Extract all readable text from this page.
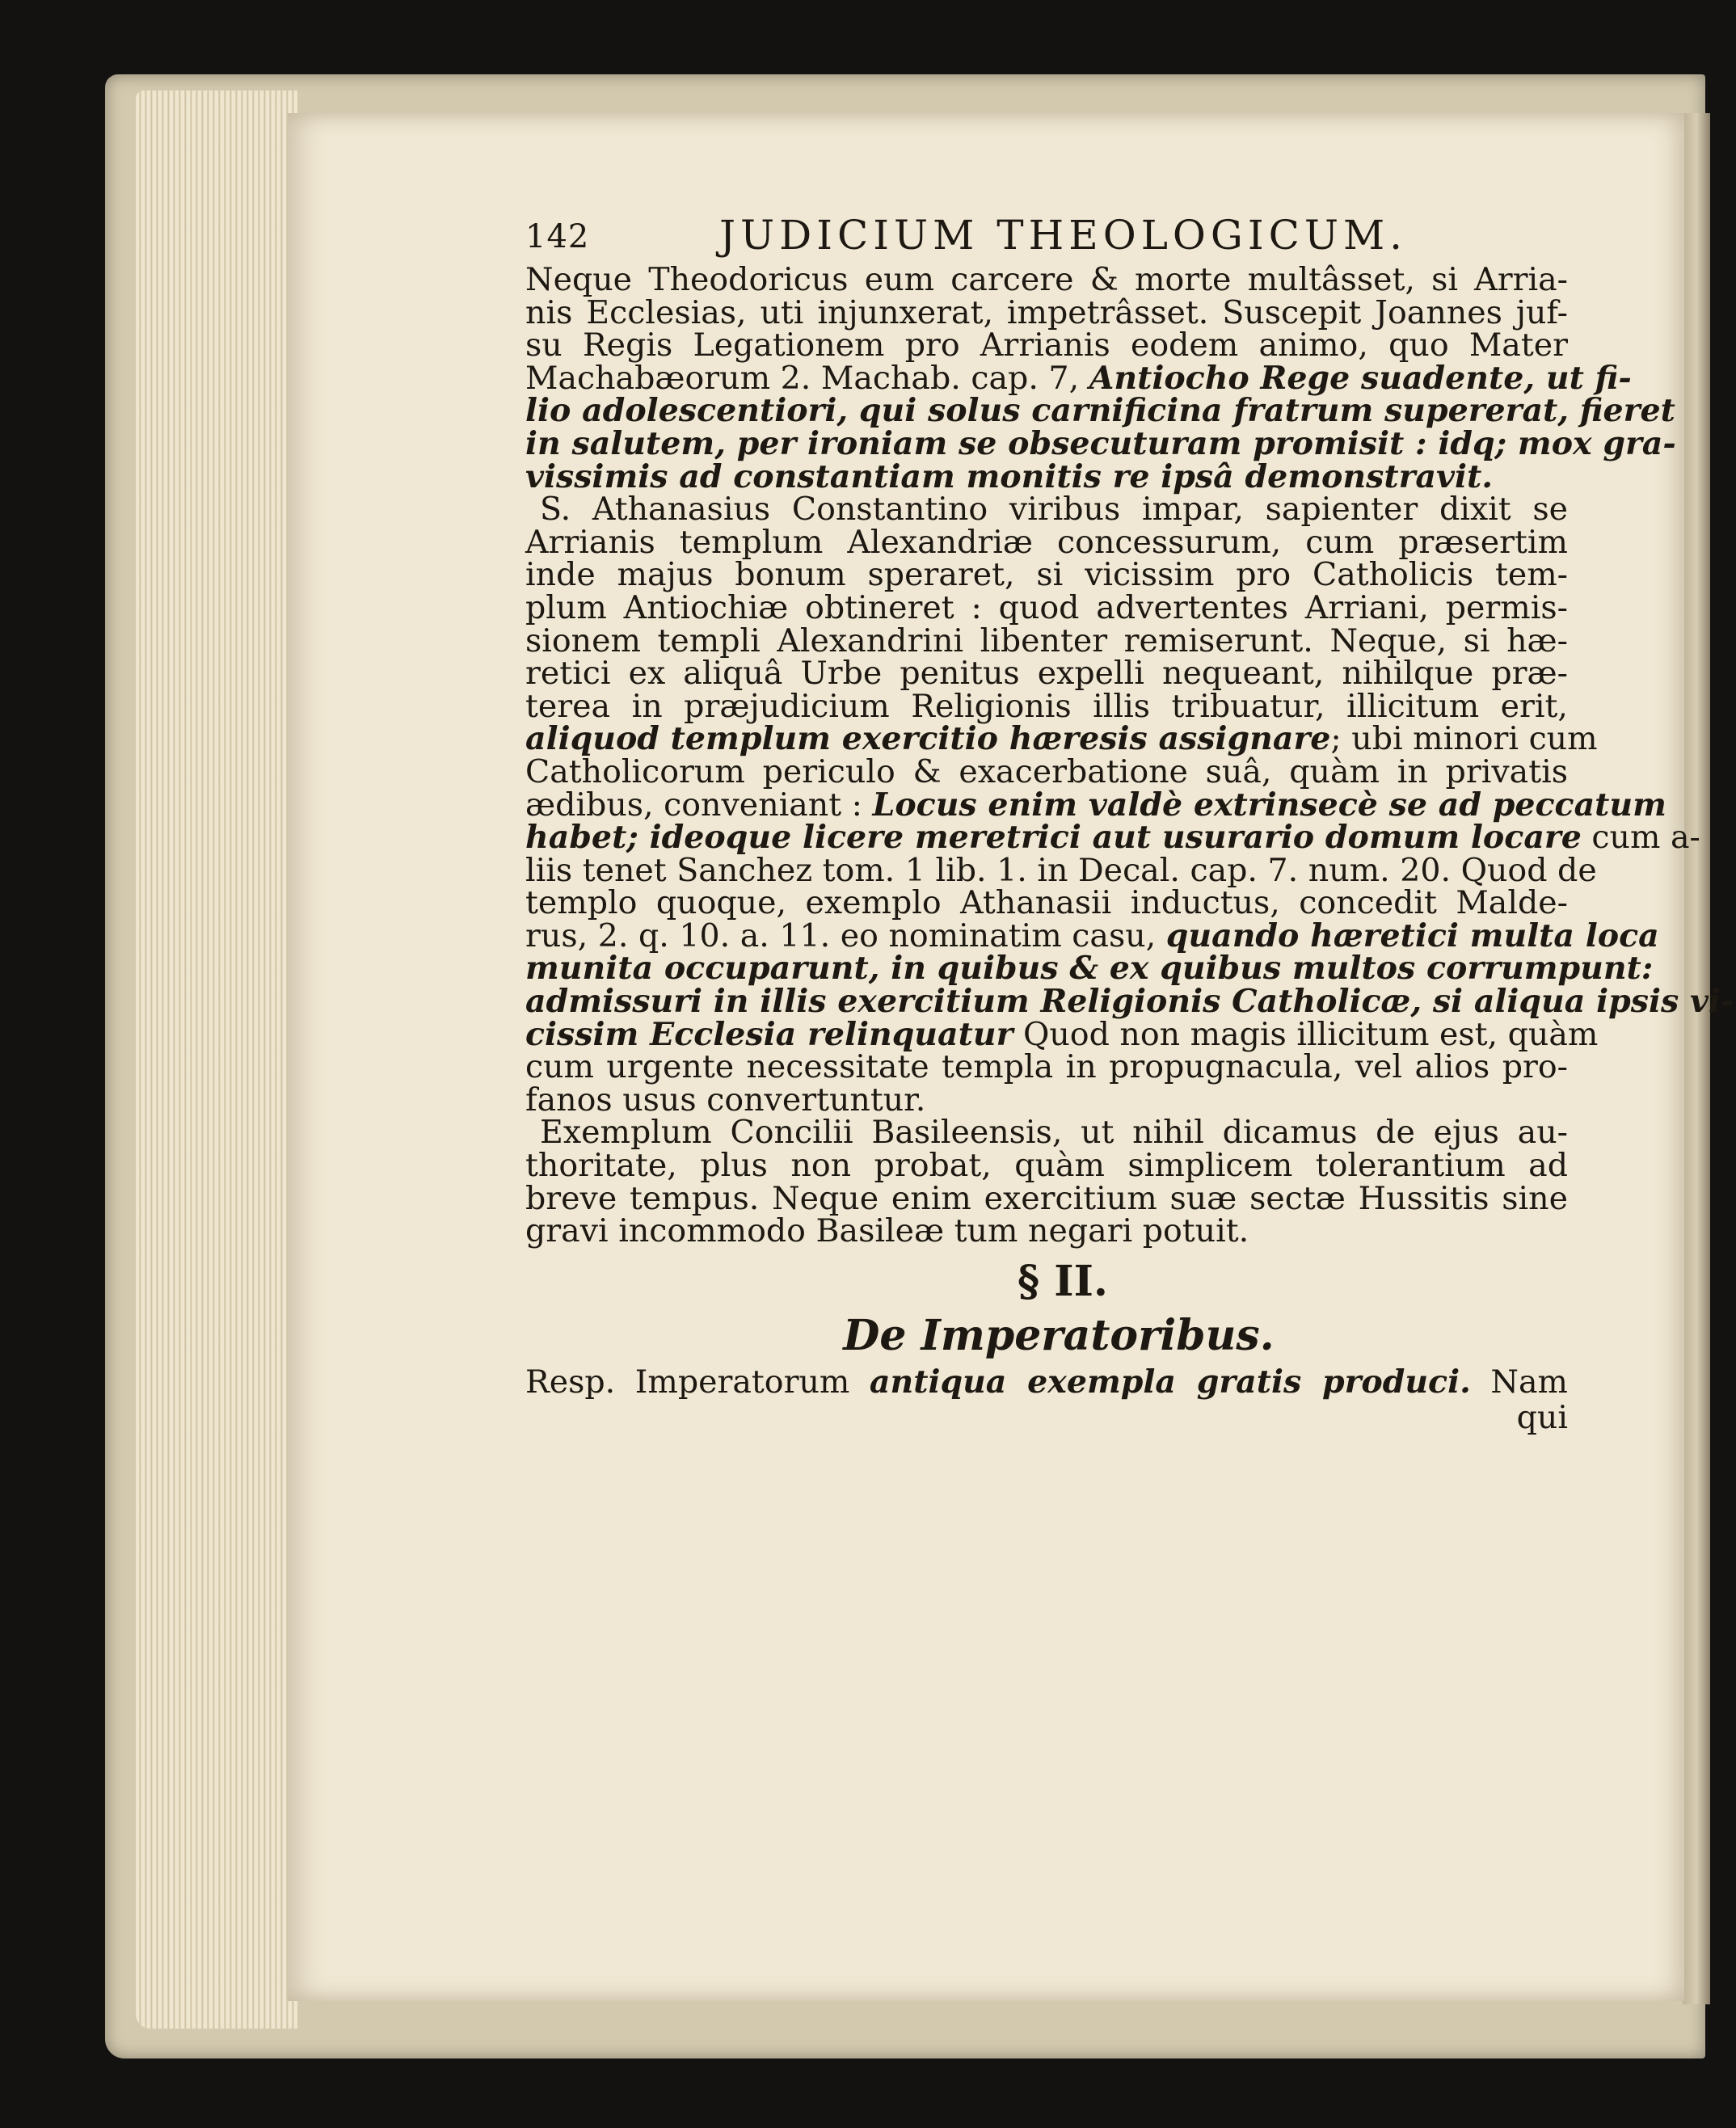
142	JUDICIUM THEOLOGICUM.
Neque Theodoricus eum carcere & morte multâsset, si Arria-
nis Ecclesias, uti injunxerat, impetrâsset. Suscepit Joannes juf-
su Regis Legationem pro Arrianis eodem animo, quo Mater
Machabæorum 2. Machab. cap. 7, Antiocho Rege suadente, ut fi-
lio adolescentiori, qui solus carnificina fratrum supererat, fieret
in salutem, per ironiam se obsecuturam promisit : idq; mox gra-
vissimis ad constantiam monitis re ipsâ demonstravit.
S. Athanasius Constantino viribus impar, sapienter dixit se
Arrianis templum Alexandriæ concessurum, cum præsertim
inde majus bonum speraret, si vicissim pro Catholicis tem-
plum Antiochiæ obtineret : quod advertentes Arriani, permis-
sionem templi Alexandrini libenter remiserunt. Neque, si hæ-
retici ex aliquâ Urbe penitus expelli nequeant, nihilque præ-
terea in præjudicium Religionis illis tribuatur, illicitum erit,
aliquod templum exercitio hæresis assignare; ubi minori cum
Catholicorum periculo & exacerbatione suâ, quàm in privatis
ædibus, conveniant : Locus enim valdè extrinsecè se ad peccatum
habet; ideoque licere meretrici aut usurario domum locare cum a-
liis tenet Sanchez tom. 1 lib. 1. in Decal. cap. 7. num. 20. Quod de
templo quoque, exemplo Athanasii inductus, concedit Malde-
rus, 2. q. 10. a. 11. eo nominatim casu, quando hæretici multa loca
munita occuparunt, in quibus & ex quibus multos corrumpunt:
admissuri in illis exercitium Religionis Catholicæ, si aliqua ipsis vi-
cissim Ecclesia relinquatur Quod non magis illicitum est, quàm
cum urgente necessitate templa in propugnacula, vel alios pro-
fanos usus convertuntur.
Exemplum Concilii Basileensis, ut nihil dicamus de ejus au-
thoritate, plus non probat, quàm simplicem tolerantium ad
breve tempus. Neque enim exercitium suæ sectæ Hussitis sine
gravi incommodo Basileæ tum negari potuit.
§ II.
De Imperatoribus.
Resp. Imperatorum antiqua exempla gratis produci. Nam
qui
